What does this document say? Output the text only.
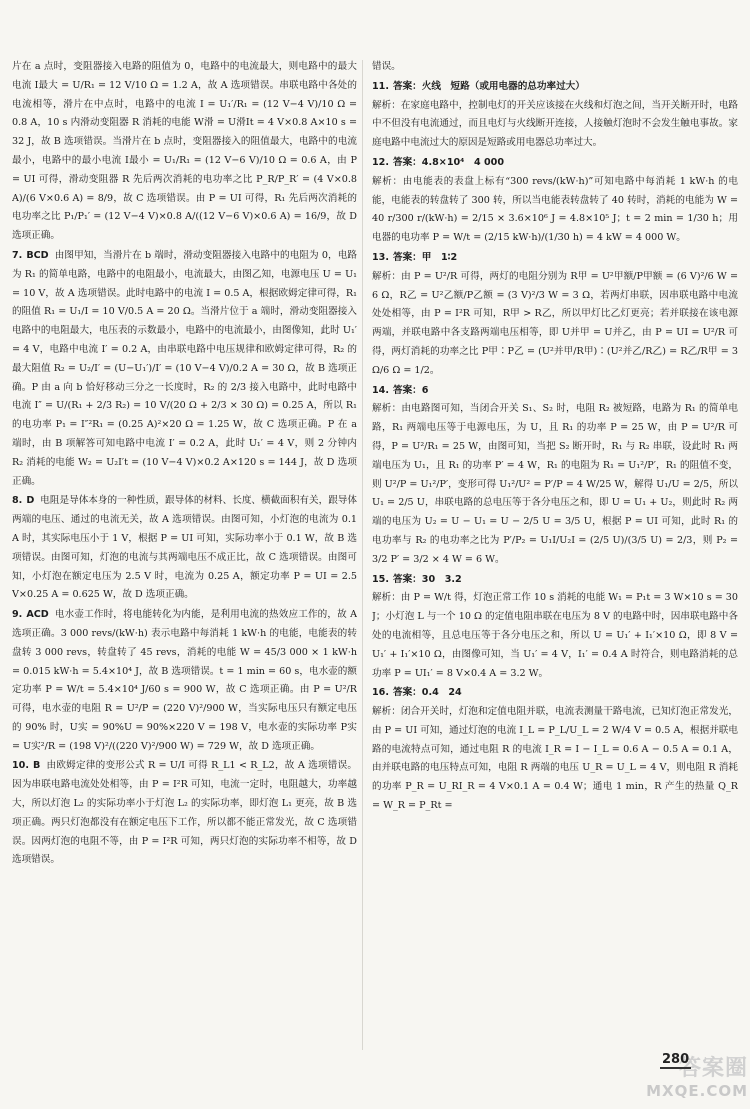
片在 a 点时，变阻器接入电路的阻值为 0，电路中的电流最大，则电路中的最大电流 I最大 = U/R₁ = 12 V/10 Ω = 1.2 A，故 A 选项错误。串联电路中各处的电流相等，滑片在中点时，电路中的电流 I = U₁′/R₁ = (12 V−4 V)/10 Ω = 0.8 A，10 s 内滑动变阻器 R 消耗的电能 W滑 = U滑It = 4 V×0.8 A×10 s = 32 J，故 B 选项错误。当滑片在 b 点时，变阻器接入的阻值最大，电路中的电流最小，电路中的最小电流 I最小 = U₁/R₁ = (12 V−6 V)/10 Ω = 0.6 A，由 P = UI 可得，滑动变阻器 R 先后两次消耗的电功率之比 P_R/P_R′ = (4 V×0.8 A)/(6 V×0.6 A) = 8/9，故 C 选项错误。由 P = UI 可得，R₁ 先后两次消耗的电功率之比 P₁/P₁′ = (12 V−4 V)×0.8 A/((12 V−6 V)×0.6 A) = 16/9，故 D 选项正确。

7. BCD 由图甲知，当滑片在 b 端时，滑动变阻器接入电路中的电阻为 0，电路为 R₁ 的简单电路，电路中的电阻最小，电流最大，由图乙知，电源电压 U = U₁ = 10 V，故 A 选项错误。此时电路中的电流 I = 0.5 A，根据欧姆定律可得，R₁ 的阻值 R₁ = U₁/I = 10 V/0.5 A = 20 Ω。当滑片位于 a 端时，滑动变阻器接入电路中的电阻最大，电压表的示数最小，电路中的电流最小，由图像知，此时 U₁′ = 4 V，电路中电流 I′ = 0.2 A，由串联电路中电压规律和欧姆定律可得，R₂ 的最大阻值 R₂ = U₂/I′ = (U−U₁′)/I′ = (10 V−4 V)/0.2 A = 30 Ω，故 B 选项正确。P 由 a 向 b 恰好移动三分之一长度时，R₂ 的 2/3 接入电路中，此时电路中电流 I″ = U/(R₁ + 2/3 R₂) = 10 V/(20 Ω + 2/3 × 30 Ω) = 0.25 A，所以 R₁ 的电功率 P₁ = I″²R₁ = (0.25 A)²×20 Ω = 1.25 W，故 C 选项正确。P 在 a 端时，由 B 项解答可知电路中电流 I′ = 0.2 A，此时 U₁′ = 4 V，则 2 分钟内 R₂ 消耗的电能 W₂ = U₂I′t = (10 V−4 V)×0.2 A×120 s = 144 J，故 D 选项正确。

8. D 电阻是导体本身的一种性质，跟导体的材料、长度、横截面积有关，跟导体两端的电压、通过的电流无关，故 A 选项错误。由图可知，小灯泡的电流为 0.1 A 时，其实际电压小于 1 V，根据 P = UI 可知，实际功率小于 0.1 W，故 B 选项错误。由图可知，灯泡的电流与其两端电压不成正比，故 C 选项错误。由图可知，小灯泡在额定电压为 2.5 V 时，电流为 0.25 A，额定功率 P = UI = 2.5 V×0.25 A = 0.625 W，故 D 选项正确。

9. ACD 电水壶工作时，将电能转化为内能，是利用电流的热效应工作的，故 A 选项正确。3 000 revs/(kW·h) 表示电路中每消耗 1 kW·h 的电能，电能表的转盘转 3 000 revs，转盘转了 45 revs，消耗的电能 W = 45/3 000 × 1 kW·h = 0.015 kW·h = 5.4×10⁴ J，故 B 选项错误。t = 1 min = 60 s，电水壶的额定功率 P = W/t = 5.4×10⁴ J/60 s = 900 W，故 C 选项正确。由 P = U²/R 可得，电水壶的电阻 R = U²/P = (220 V)²/900 W，当实际电压只有额定电压的 90% 时，U实 = 90%U = 90%×220 V = 198 V，电水壶的实际功率 P实 = U实²/R = (198 V)²/((220 V)²/900 W) = 729 W，故 D 选项正确。

10. B 由欧姆定律的变形公式 R = U/I 可得 R_L1 < R_L2，故 A 选项错误。因为串联电路电流处处相等，由 P = I²R 可知，电流一定时，电阻越大，功率越大，所以灯泡 L₂ 的实际功率小于灯泡 L₂ 的实际功率，即灯泡 L₁ 更亮，故 B 选项正确。两只灯泡都没有在额定电压下工作，所以都不能正常发光，故 C 选项错误。因两灯泡的电阻不等，由 P = I²R 可知，两只灯泡的实际功率不相等，故 D 选项错误。

错误。

11. 答案：火线　短路（或用电器的总功率过大）
解析：在家庭电路中，控制电灯的开关应该接在火线和灯泡之间，当开关断开时，电路中不但没有电流通过，而且电灯与火线断开连接，人接触灯泡时不会发生触电事故。家庭电路中电流过大的原因是短路或用电器总功率过大。

12. 答案：4.8×10⁴　4 000
解析：由电能表的表盘上标有“300 revs/(kW·h)”可知电路中每消耗 1 kW·h 的电能，电能表的转盘转了 300 转，所以当电能表转盘转了 40 转时，消耗的电能为 W = 40 r/300 r/(kW·h) = 2/15 × 3.6×10⁶ J = 4.8×10⁵ J；t = 2 min = 1/30 h；用电器的电功率 P = W/t = (2/15 kW·h)/(1/30 h) = 4 kW = 4 000 W。

13. 答案：甲　1∶2
解析：由 P = U²/R 可得，两灯的电阻分别为 R甲 = U²甲额/P甲额 = (6 V)²/6 W = 6 Ω，R乙 = U²乙额/P乙额 = (3 V)²/3 W = 3 Ω，若两灯串联，因串联电路中电流处处相等，由 P = I²R 可知，R甲 > R乙，所以甲灯比乙灯更亮；若并联接在该电源两端，并联电路中各支路两端电压相等，即 U并甲 = U并乙，由 P = UI = U²/R 可得，两灯消耗的功率之比 P甲∶P乙 = (U²并甲/R甲)∶(U²并乙/R乙) = R乙/R甲 = 3 Ω/6 Ω = 1/2。

14. 答案：6
解析：由电路图可知，当闭合开关 S₁、S₂ 时，电阻 R₂ 被短路，电路为 R₁ 的简单电路，R₁ 两端电压等于电源电压，为 U，且 R₁ 的功率 P = 25 W，由 P = U²/R 可得，P = U²/R₁ = 25 W，由图可知，当把 S₂ 断开时，R₁ 与 R₂ 串联，设此时 R₁ 两端电压为 U₁，且 R₁ 的功率 P′ = 4 W，R₁ 的电阻为 R₁ = U₁²/P′，R₁ 的阻值不变，则 U²/P = U₁²/P′，变形可得 U₁²/U² = P′/P = 4 W/25 W，解得 U₁/U = 2/5，所以 U₁ = 2/5 U，串联电路的总电压等于各分电压之和，即 U = U₁ + U₂，则此时 R₂ 两端的电压为 U₂ = U − U₁ = U − 2/5 U = 3/5 U，根据 P = UI 可知，此时 R₁ 的电功率与 R₂ 的电功率之比为 P′/P₂ = U₁I/U₂I = (2/5 U)/(3/5 U) = 2/3，则 P₂ = 3/2 P′ = 3/2 × 4 W = 6 W。

15. 答案：30　3.2
解析：由 P = W/t 得，灯泡正常工作 10 s 消耗的电能 W₁ = P₁t = 3 W×10 s = 30 J；小灯泡 L 与一个 10 Ω 的定值电阻串联在电压为 8 V 的电路中时，因串联电路中各处的电流相等，且总电压等于各分电压之和，所以 U = U₁′ + I₁′×10 Ω，即 8 V = U₁′ + I₁′×10 Ω，由图像可知，当 U₁′ = 4 V，I₁′ = 0.4 A 时符合，则电路消耗的总功率 P = UI₁′ = 8 V×0.4 A = 3.2 W。

16. 答案：0.4　24
解析：闭合开关时，灯泡和定值电阻并联，电流表测量干路电流，已知灯泡正常发光，由 P = UI 可知，通过灯泡的电流 I_L = P_L/U_L = 2 W/4 V = 0.5 A，根据并联电路的电流特点可知，通过电阻 R 的电流 I_R = I − I_L = 0.6 A − 0.5 A = 0.1 A，由并联电路的电压特点可知，电阻 R 两端的电压 U_R = U_L = 4 V，则电阻 R 消耗的功率 P_R = U_RI_R = 4 V×0.1 A = 0.4 W；通电 1 min，R 产生的热量 Q_R = W_R = P_Rt =

答案圈
MXQE.COM
280
